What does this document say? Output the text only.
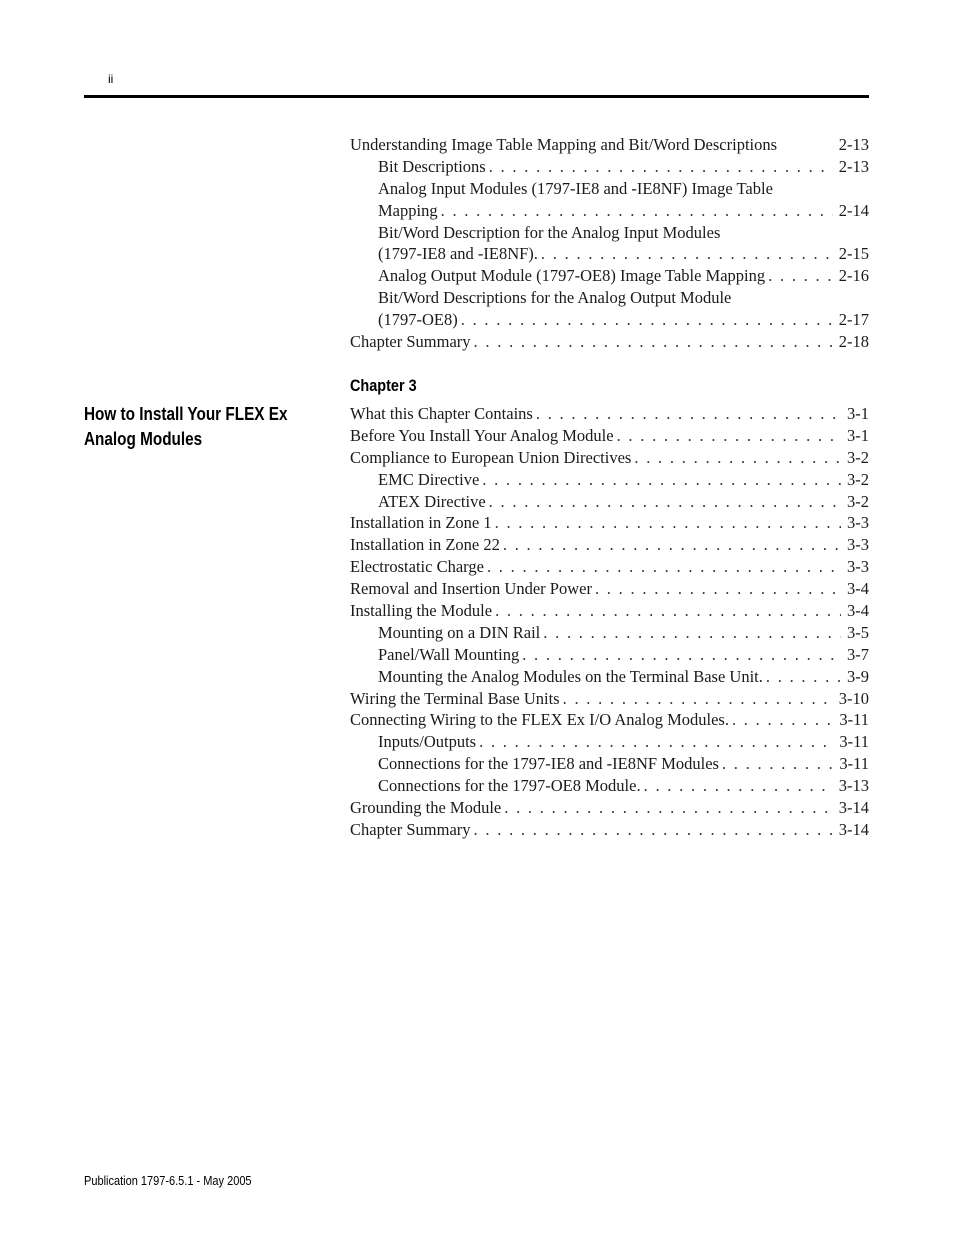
ii
Understanding Image Table Mapping and Bit/Word Descriptions	2-13
Bit Descriptions . . .	2-13
Analog Input Modules (1797-IE8 and -IE8NF) Image Table
Mapping . . .	2-14
Bit/Word Description for the Analog Input Modules
(1797-IE8 and -IE8NF). . . .	2-15
Analog Output Module (1797-OE8) Image Table Mapping . . .	2-16
Bit/Word Descriptions for the Analog Output Module
(1797-OE8) . . .	2-17
Chapter Summary . . .	2-18
Chapter 3
How to Install Your FLEX Ex Analog Modules
What this Chapter Contains . . .	3-1
Before You Install Your Analog Module . . .	3-1
Compliance to European Union Directives . . .	3-2
EMC Directive . . .	3-2
ATEX Directive . . .	3-2
Installation in Zone 1 . . .	3-3
Installation in Zone 22 . . .	3-3
Electrostatic Charge . . .	3-3
Removal and Insertion Under Power . . .	3-4
Installing the Module . . .	3-4
Mounting on a DIN Rail . . .	3-5
Panel/Wall Mounting . . .	3-7
Mounting the Analog Modules on the Terminal Base Unit. . . .	3-9
Wiring the Terminal Base Units . . .	3-10
Connecting Wiring to the FLEX Ex I/O Analog Modules. . . .	3-11
Inputs/Outputs . . .	3-11
Connections for the 1797-IE8 and -IE8NF Modules . . .	3-11
Connections for the 1797-OE8 Module. . . .	3-13
Grounding the Module . . .	3-14
Chapter Summary . . .	3-14
Publication 1797-6.5.1 - May 2005
